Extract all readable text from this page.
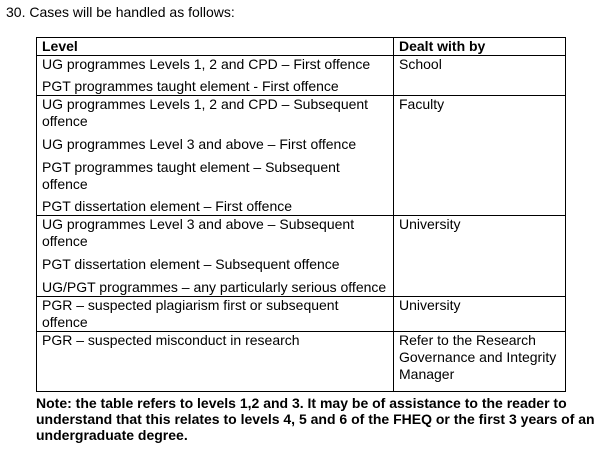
30. Cases will be handled as follows:
Level	Dealt with by

UG programmes Levels 1, 2 and CPD – First offence
PGT programmes taught element - First offence	School

UG programmes Levels 1, 2 and CPD – Subsequent offence
UG programmes Level 3 and above – First offence
PGT programmes taught element – Subsequent offence
PGT dissertation element – First offence	Faculty

UG programmes Level 3 and above – Subsequent offence
PGT dissertation element – Subsequent offence
UG/PGT programmes – any particularly serious offence	University

PGR – suspected plagiarism first or subsequent offence	University

PGR – suspected misconduct in research	Refer to the Research Governance and Integrity Manager
Note: the table refers to levels 1,2 and 3. It may be of assistance to the reader to understand that this relates to levels 4, 5 and 6 of the FHEQ or the first 3 years of an undergraduate degree.
